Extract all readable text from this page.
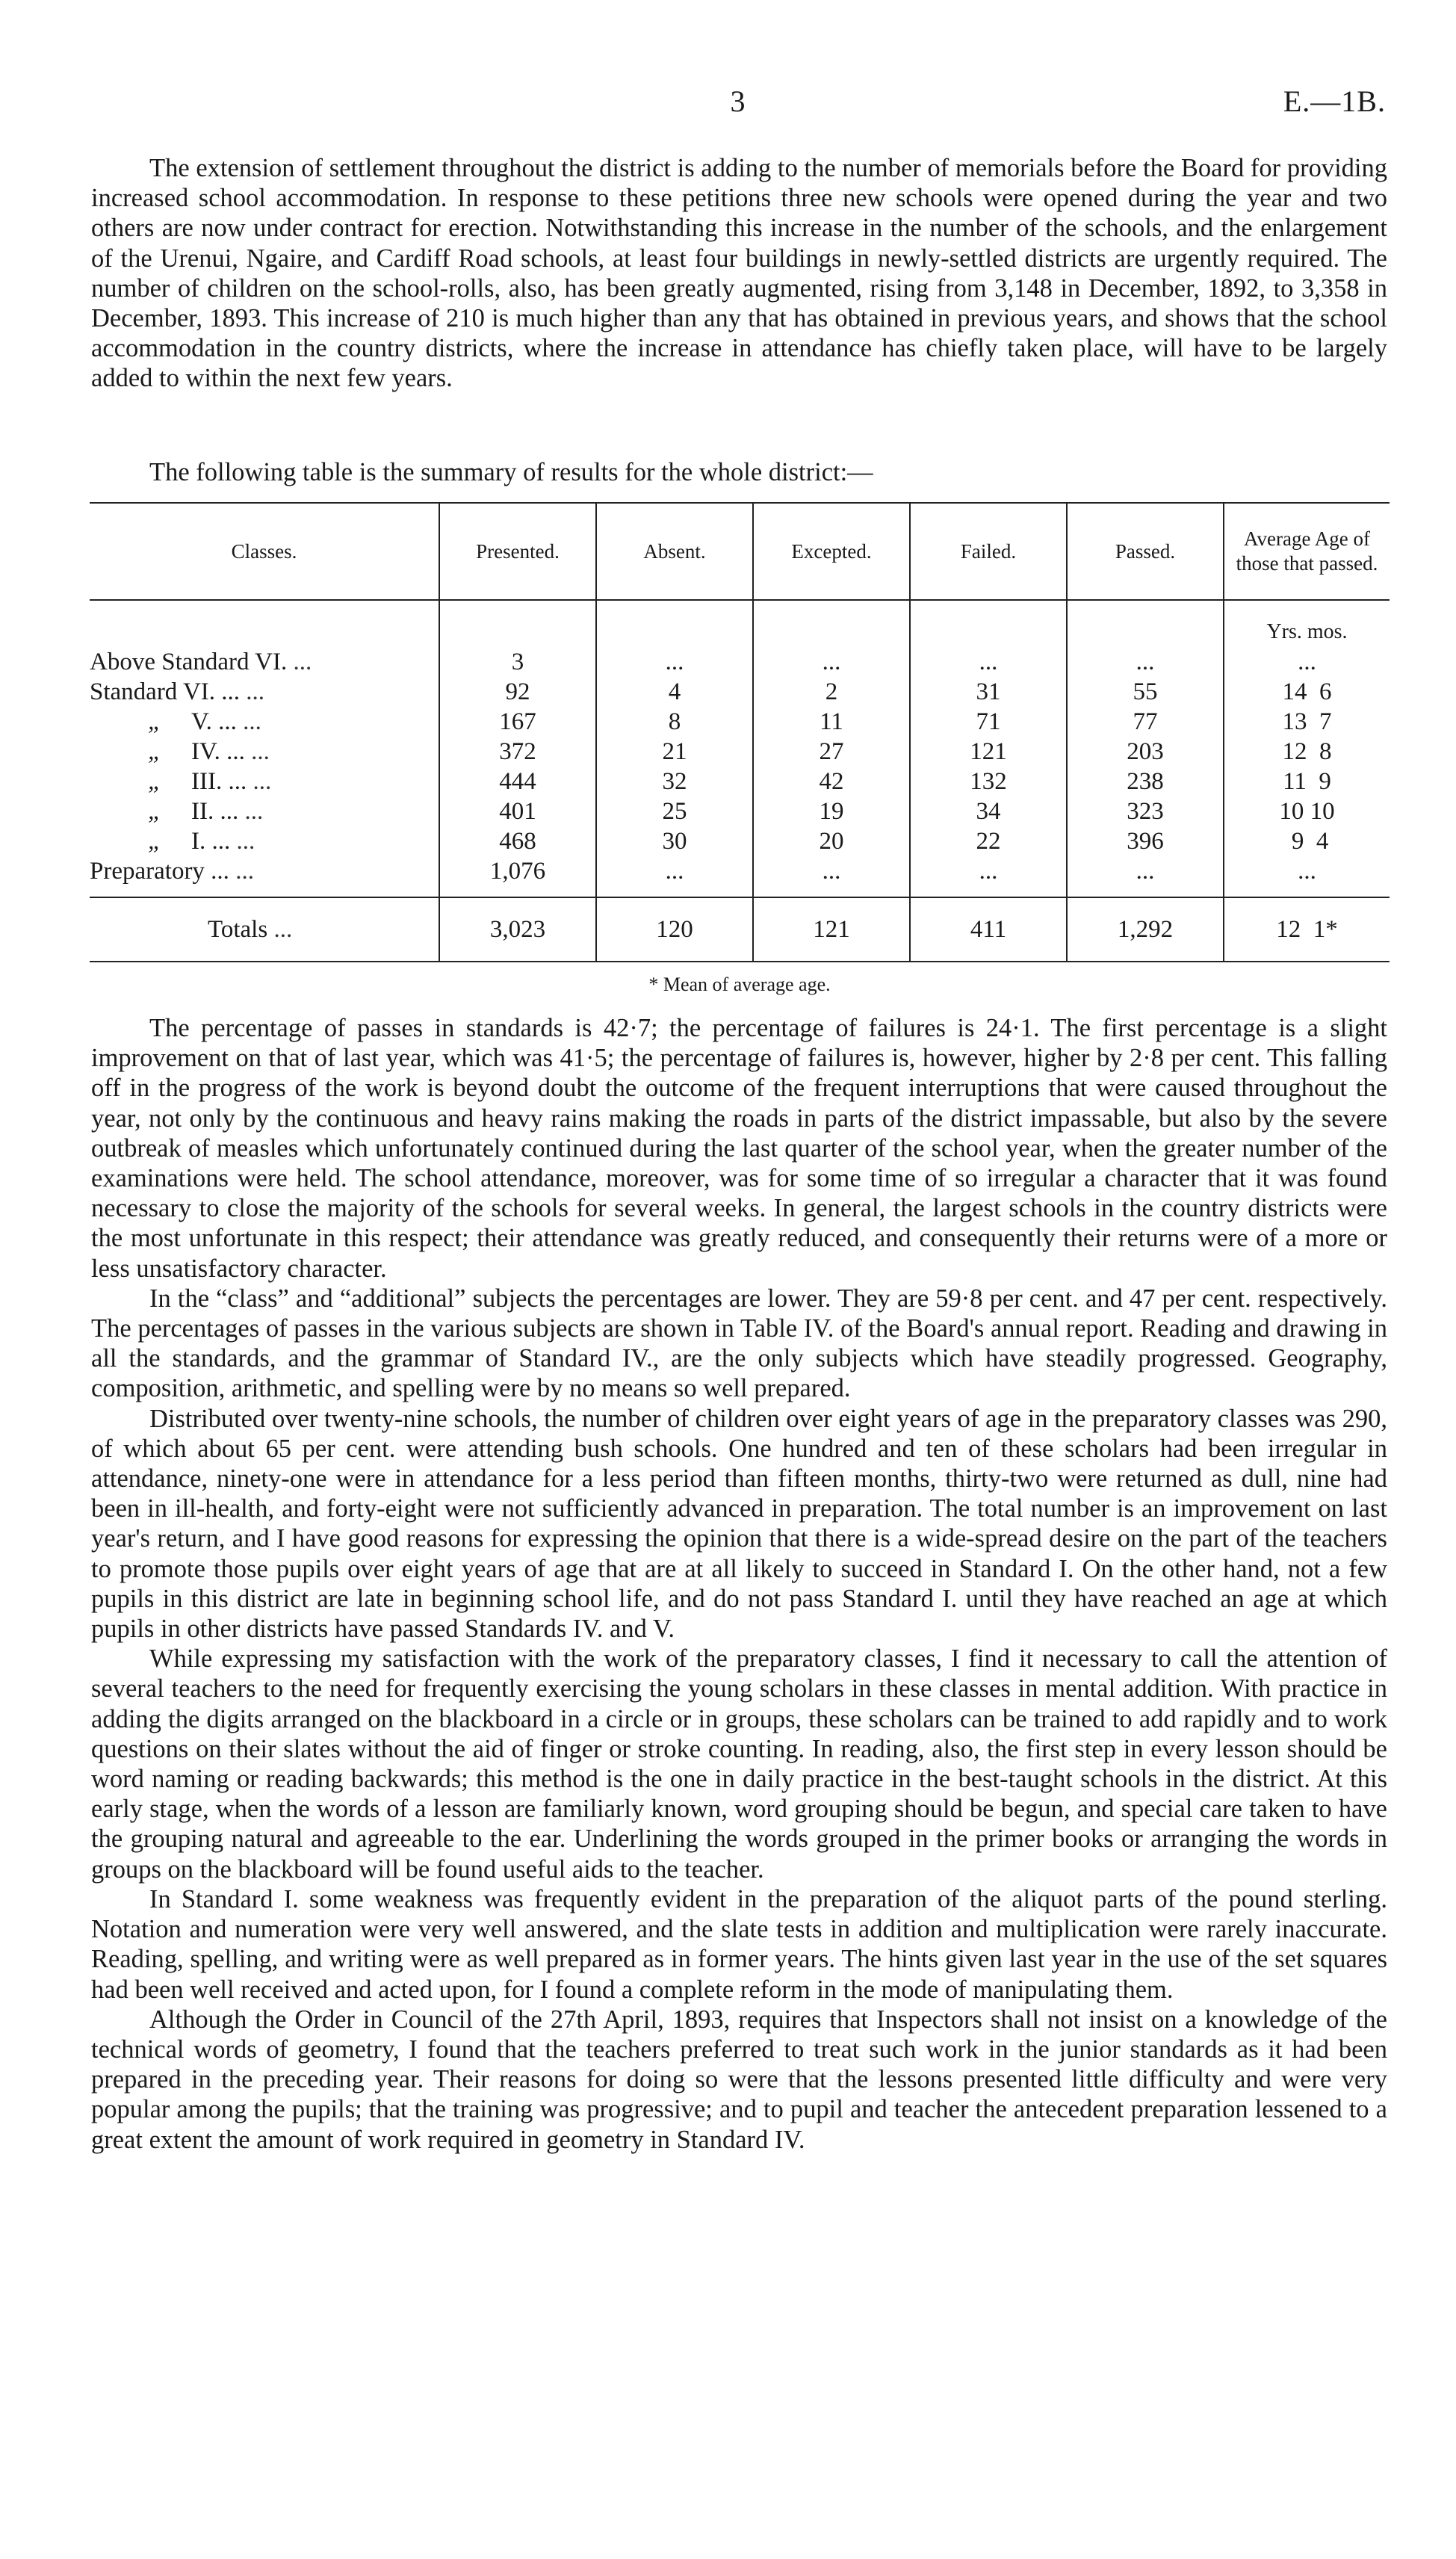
3	E.—1B.

The extension of settlement throughout the district is adding to the number of memorials before the Board for providing increased school accommodation. In response to these petitions three new schools were opened during the year and two others are now under contract for erection. Notwithstanding this increase in the number of the schools, and the enlargement of the Urenui, Ngaire, and Cardiff Road schools, at least four buildings in newly-settled districts are urgently required. The number of children on the school-rolls, also, has been greatly augmented, rising from 3,148 in December, 1892, to 3,358 in December, 1893. This increase of 210 is much higher than any that has obtained in previous years, and shows that the school accommodation in the country districts, where the increase in attendance has chiefly taken place, will have to be largely added to within the next few years.

The following table is the summary of results for the whole district:—
Classes.	Presented.	Absent.	Excepted.	Failed.	Passed.	Average Age of those that passed.
						Yrs. mos.
Above Standard VI. ...	3	...	...	...	...	...
Standard VI. ... ...	92	4	2	31	55	14  6
„ V. ... ...	167	8	11	71	77	13  7
„ IV. ... ...	372	21	27	121	203	12  8
„ III. ... ...	444	32	42	132	238	11  9
„ II. ... ...	401	25	19	34	323	10 10
„ I. ... ...	468	30	20	22	396	9  4
Preparatory ... ...	1,076	...	...	...	...	...
Totals ...	3,023	120	121	411	1,292	12  1*
* Mean of average age.

The percentage of passes in standards is 42·7; the percentage of failures is 24·1. The first percentage is a slight improvement on that of last year, which was 41·5; the percentage of failures is, however, higher by 2·8 per cent. This falling off in the progress of the work is beyond doubt the outcome of the frequent interruptions that were caused throughout the year, not only by the continuous and heavy rains making the roads in parts of the district impassable, but also by the severe outbreak of measles which unfortunately continued during the last quarter of the school year, when the greater number of the examinations were held. The school attendance, moreover, was for some time of so irregular a character that it was found necessary to close the majority of the schools for several weeks. In general, the largest schools in the country districts were the most unfortunate in this respect; their attendance was greatly reduced, and consequently their returns were of a more or less unsatisfactory character.

In the “class” and “additional” subjects the percentages are lower. They are 59·8 per cent. and 47 per cent. respectively. The percentages of passes in the various subjects are shown in Table IV. of the Board's annual report. Reading and drawing in all the standards, and the grammar of Standard IV., are the only subjects which have steadily progressed. Geography, composition, arithmetic, and spelling were by no means so well prepared.

Distributed over twenty-nine schools, the number of children over eight years of age in the preparatory classes was 290, of which about 65 per cent. were attending bush schools. One hundred and ten of these scholars had been irregular in attendance, ninety-one were in attendance for a less period than fifteen months, thirty-two were returned as dull, nine had been in ill-health, and forty-eight were not sufficiently advanced in preparation. The total number is an improvement on last year's return, and I have good reasons for expressing the opinion that there is a wide-spread desire on the part of the teachers to promote those pupils over eight years of age that are at all likely to succeed in Standard I. On the other hand, not a few pupils in this district are late in beginning school life, and do not pass Standard I. until they have reached an age at which pupils in other districts have passed Standards IV. and V.

While expressing my satisfaction with the work of the preparatory classes, I find it necessary to call the attention of several teachers to the need for frequently exercising the young scholars in these classes in mental addition. With practice in adding the digits arranged on the blackboard in a circle or in groups, these scholars can be trained to add rapidly and to work questions on their slates without the aid of finger or stroke counting. In reading, also, the first step in every lesson should be word naming or reading backwards; this method is the one in daily practice in the best-taught schools in the district. At this early stage, when the words of a lesson are familiarly known, word grouping should be begun, and special care taken to have the grouping natural and agreeable to the ear. Underlining the words grouped in the primer books or arranging the words in groups on the blackboard will be found useful aids to the teacher.

In Standard I. some weakness was frequently evident in the preparation of the aliquot parts of the pound sterling. Notation and numeration were very well answered, and the slate tests in addition and multiplication were rarely inaccurate. Reading, spelling, and writing were as well prepared as in former years. The hints given last year in the use of the set squares had been well received and acted upon, for I found a complete reform in the mode of manipulating them.

Although the Order in Council of the 27th April, 1893, requires that Inspectors shall not insist on a knowledge of the technical words of geometry, I found that the teachers preferred to treat such work in the junior standards as it had been prepared in the preceding year. Their reasons for doing so were that the lessons presented little difficulty and were very popular among the pupils; that the training was progressive; and to pupil and teacher the antecedent preparation lessened to a great extent the amount of work required in geometry in Standard IV.
